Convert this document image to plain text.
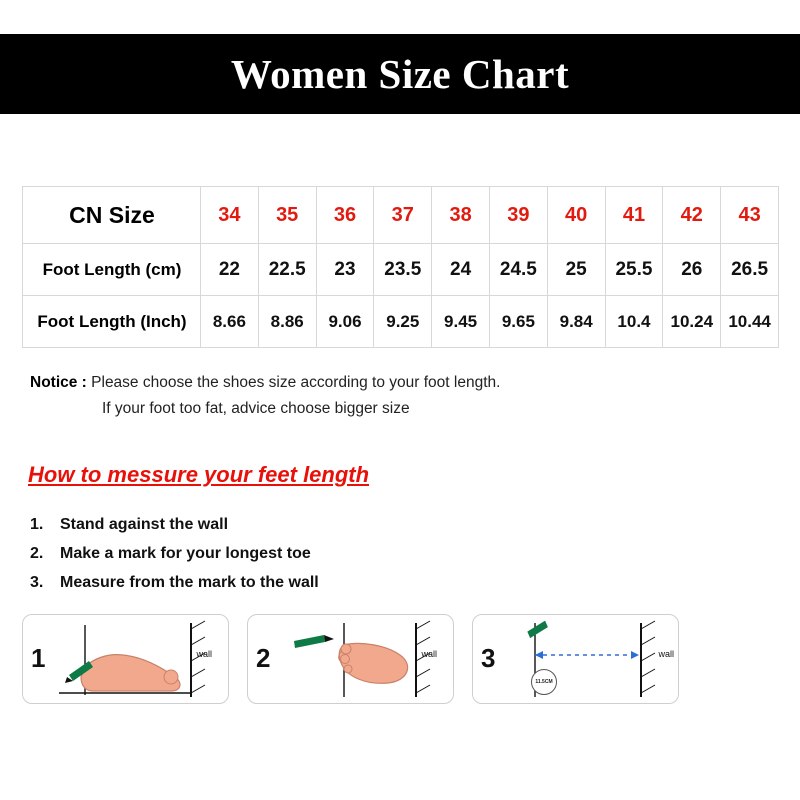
Women Size Chart
CN Size	34	35	36	37	38	39	40	41	42	43
Foot Length (cm)	22	22.5	23	23.5	24	24.5	25	25.5	26	26.5
Foot Length (Inch)	8.66	8.86	9.06	9.25	9.45	9.65	9.84	10.4	10.24	10.44
Notice : Please choose the shoes size according to your foot length.
If your foot too fat, advice choose bigger size
How to messure your feet length
1.	Stand against the wall
2.	Make a mark for your longest toe
3.	Measure from the mark to the wall
1	wall 2	wall 3
11.5CM
wall
